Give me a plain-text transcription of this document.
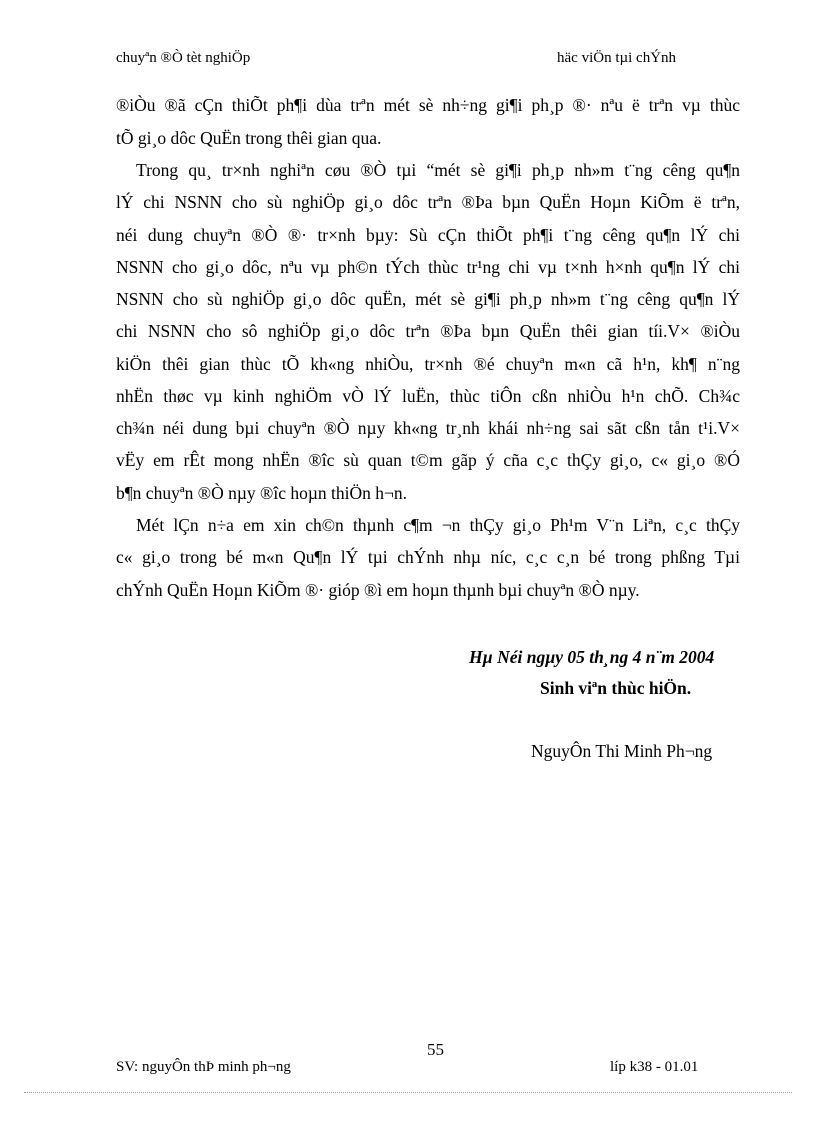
chuyªn ®Ò tèt nghiÖp	häc viÖn tµi chÝnh
®iÒu ®ã cÇn thiÕt ph¶i dùa trªn mét sè nh÷ng gi¶i ph¸p ®· nªu ë trªn vµ thùc
tÕ gi¸o dôc QuËn trong thêi gian qua.
Trong qu¸ tr×nh nghiªn cøu ®Ò tµi “mét sè gi¶i ph¸p nh»m t¨ng cêng qu¶n
lÝ chi NSNN cho sù nghiÖp gi¸o dôc trªn ®Þa bµn QuËn Hoµn KiÕm ë trªn,
néi dung chuyªn ®Ò ®· tr×nh bµy: Sù cÇn thiÕt ph¶i t¨ng cêng qu¶n lÝ chi
NSNN cho gi¸o dôc, nªu vµ ph©n tÝch thùc tr¹ng chi vµ t×nh h×nh qu¶n lÝ chi
NSNN cho sù nghiÖp gi¸o dôc quËn, mét sè gi¶i ph¸p nh»m t¨ng cêng qu¶n lÝ
chi NSNN cho sô nghiÖp gi¸o dôc trªn ®Þa bµn QuËn thêi gian tíi.V× ®iÒu
kiÖn thêi gian thùc tÕ kh«ng nhiÒu, tr×nh ®é chuyªn m«n cã h¹n, kh¶ n¨ng
nhËn thøc vµ kinh nghiÖm vÒ lÝ luËn, thùc tiÔn cßn nhiÒu h¹n chÕ. Ch¾c
ch¾n néi dung bµi chuyªn ®Ò nµy kh«ng tr¸nh khái nh÷ng sai sãt cßn tån t¹i.V×
vËy em rÊt mong nhËn ®îc sù quan t©m gãp ý cña c¸c thÇy gi¸o, c« gi¸o ®Ó
b¶n chuyªn ®Ò nµy ®îc hoµn thiÖn h¬n.
Mét lÇn n÷a em xin ch©n thµnh c¶m ¬n thÇy gi¸o Ph¹m V¨n Liªn, c¸c thÇy
c« gi¸o trong bé m«n Qu¶n lÝ tµi chÝnh nhµ níc, c¸c c¸n bé trong phßng Tµi
chÝnh QuËn Hoµn KiÕm ®· gióp ®ì em hoµn thµnh bµi chuyªn ®Ò nµy.
Hµ Néi ngµy 05 th¸ng 4 n¨m 2004
Sinh viªn thùc hiÖn.
NguyÔn Thi Minh Ph¬ng
55
SV: nguyÔn thÞ minh ph¬ng	líp k38 - 01.01
